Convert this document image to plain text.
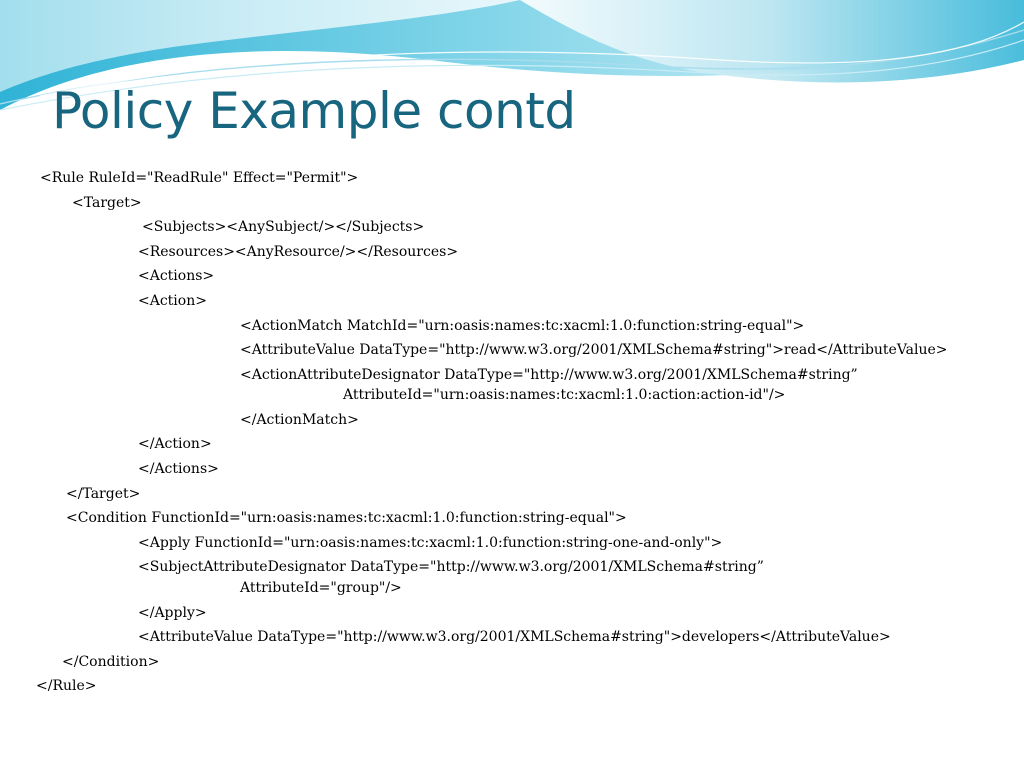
Policy Example contd

<Rule RuleId="ReadRule" Effect="Permit">

<Target>

<Subjects><AnySubject/></Subjects>

<Resources><AnyResource/></Resources>

<Actions>

<Action>

<ActionMatch MatchId="urn:oasis:names:tc:xacml:1.0:function:string-equal">

<AttributeValue DataType="http://www.w3.org/2001/XMLSchema#string">read</AttributeValue>

<ActionAttributeDesignator DataType="http://www.w3.org/2001/XMLSchema#string”

AttributeId="urn:oasis:names:tc:xacml:1.0:action:action-id"/>

</ActionMatch>

</Action>

</Actions>

</Target>

<Condition FunctionId="urn:oasis:names:tc:xacml:1.0:function:string-equal">

<Apply FunctionId="urn:oasis:names:tc:xacml:1.0:function:string-one-and-only">

<SubjectAttributeDesignator DataType="http://www.w3.org/2001/XMLSchema#string”

AttributeId="group"/>

</Apply>

<AttributeValue DataType="http://www.w3.org/2001/XMLSchema#string">developers</AttributeValue>

</Condition>

</Rule>
